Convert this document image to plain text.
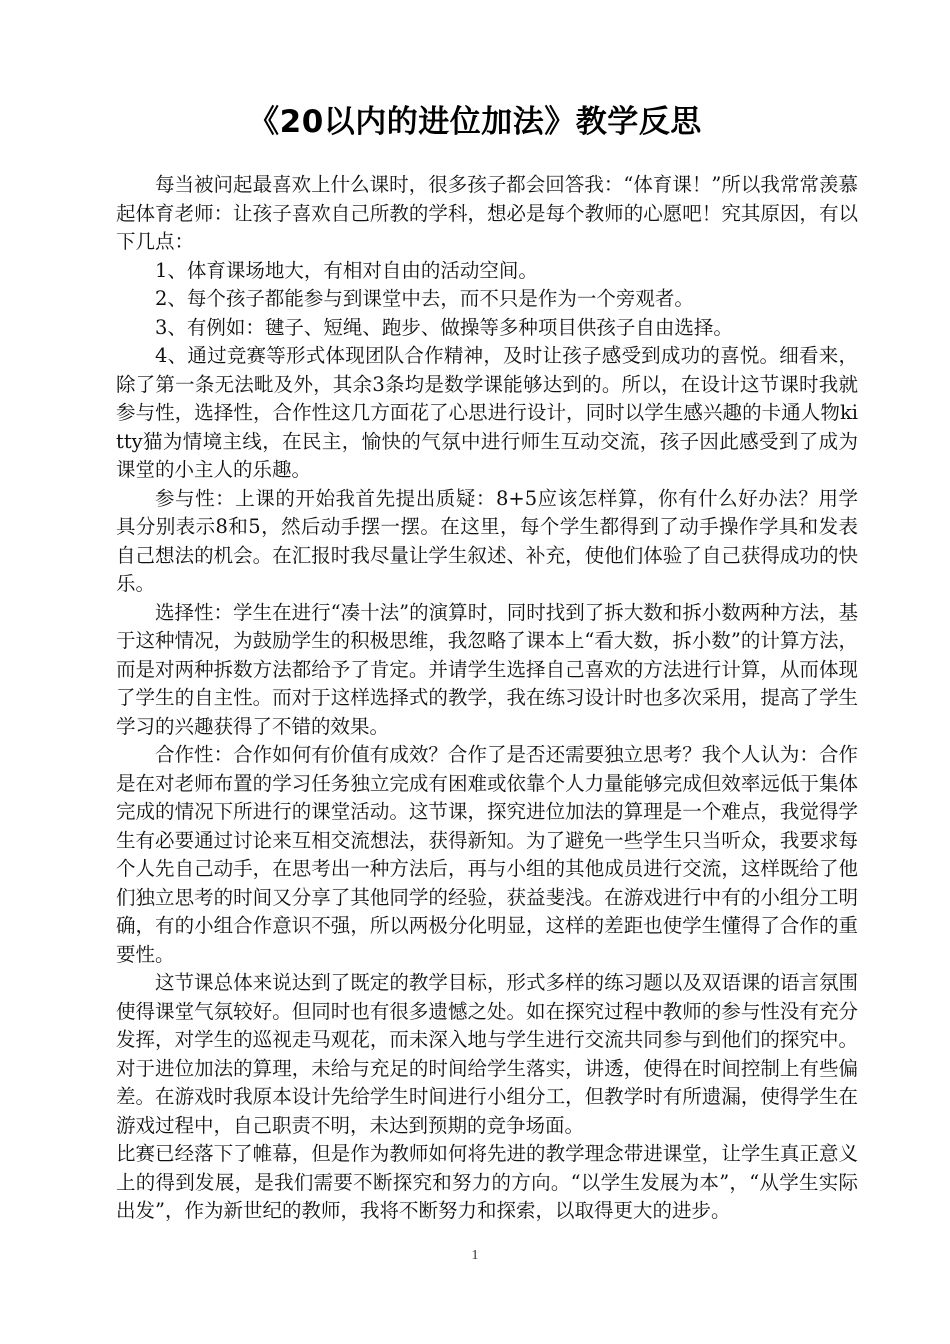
《20以内的进位加法》教学反思

每当被问起最喜欢上什么课时，很多孩子都会回答我：“体育课！”所以我常常羡慕起体育老师：让孩子喜欢自己所教的学科，想必是每个教师的心愿吧！究其原因，有以下几点：

1、体育课场地大，有相对自由的活动空间。

2、每个孩子都能参与到课堂中去，而不只是作为一个旁观者。

3、有例如：毽子、短绳、跑步、做操等多种项目供孩子自由选择。

4、通过竞赛等形式体现团队合作精神，及时让孩子感受到成功的喜悦。细看来，除了第一条无法毗及外，其余3条均是数学课能够达到的。所以，在设计这节课时我就参与性，选择性，合作性这几方面花了心思进行设计，同时以学生感兴趣的卡通人物kitty猫为情境主线，在民主，愉快的气氛中进行师生互动交流，孩子因此感受到了成为课堂的小主人的乐趣。

参与性：上课的开始我首先提出质疑：8+5应该怎样算，你有什么好办法？用学具分别表示8和5，然后动手摆一摆。在这里，每个学生都得到了动手操作学具和发表自己想法的机会。在汇报时我尽量让学生叙述、补充，使他们体验了自己获得成功的快乐。

选择性：学生在进行“凑十法”的演算时，同时找到了拆大数和拆小数两种方法，基于这种情况，为鼓励学生的积极思维，我忽略了课本上“看大数，拆小数”的计算方法，而是对两种拆数方法都给予了肯定。并请学生选择自己喜欢的方法进行计算，从而体现了学生的自主性。而对于这样选择式的教学，我在练习设计时也多次采用，提高了学生学习的兴趣获得了不错的效果。

合作性：合作如何有价值有成效？合作了是否还需要独立思考？我个人认为：合作是在对老师布置的学习任务独立完成有困难或依靠个人力量能够完成但效率远低于集体完成的情况下所进行的课堂活动。这节课，探究进位加法的算理是一个难点，我觉得学生有必要通过讨论来互相交流想法，获得新知。为了避免一些学生只当听众，我要求每个人先自己动手，在思考出一种方法后，再与小组的其他成员进行交流，这样既给了他们独立思考的时间又分享了其他同学的经验，获益斐浅。在游戏进行中有的小组分工明确，有的小组合作意识不强，所以两极分化明显，这样的差距也使学生懂得了合作的重要性。

这节课总体来说达到了既定的教学目标，形式多样的练习题以及双语课的语言氛围使得课堂气氛较好。但同时也有很多遗憾之处。如在探究过程中教师的参与性没有充分发挥，对学生的巡视走马观花，而未深入地与学生进行交流共同参与到他们的探究中。对于进位加法的算理，未给与充足的时间给学生落实，讲透，使得在时间控制上有些偏差。在游戏时我原本设计先给学生时间进行小组分工，但教学时有所遗漏，使得学生在游戏过程中，自己职责不明，未达到预期的竞争场面。

比赛已经落下了帷幕，但是作为教师如何将先进的教学理念带进课堂，让学生真正意义上的得到发展，是我们需要不断探究和努力的方向。“以学生发展为本”，“从学生实际出发”，作为新世纪的教师，我将不断努力和探索，以取得更大的进步。

1
